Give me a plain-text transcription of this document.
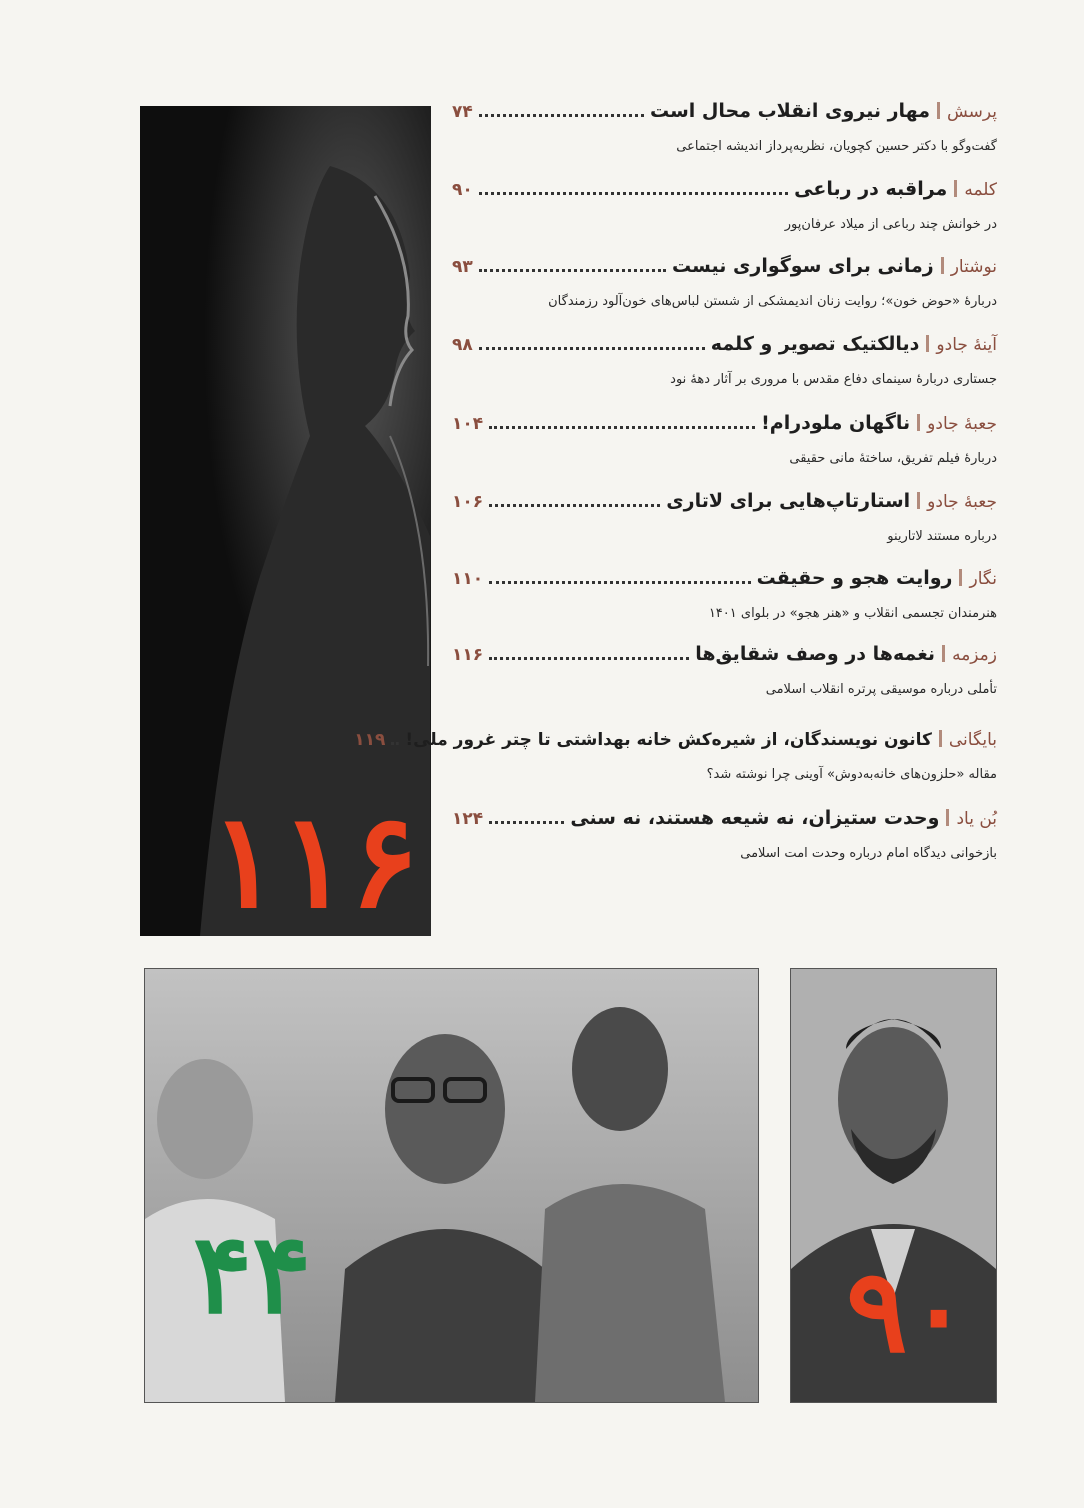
۱۱۶
پرسش
مهار نیروی انقلاب محال است
۷۴
گفت‌وگو با دکتر حسین کچویان، نظریه‌پرداز اندیشه اجتماعی
کلمه
مراقبه در رباعی
۹۰
در خوانش چند رباعی از میلاد عرفان‌پور
نوشتار
زمانی برای سوگواری نیست
۹۳
دربارهٔ «حوض خون»؛ روایت زنان اندیمشکی از شستن لباس‌های خون‌آلود رزمندگان
آینهٔ جادو
دیالکتیک تصویر و کلمه
۹۸
جستاری دربارهٔ سینمای دفاع مقدس با مروری بر آثار دههٔ نود
جعبهٔ جادو
ناگهان ملودرام!
۱۰۴
دربارهٔ فیلم تفریق، ساختهٔ مانی حقیقی
جعبهٔ جادو
استارتاپ‌هایی برای لاتاری
۱۰۶
درباره مستند لاتارینو
نگار
روایت هجو و حقیقت
۱۱۰
هنرمندان تجسمی انقلاب و «هنر هجو» در بلوای ۱۴۰۱
زمزمه
نغمه‌ها در وصف شقایق‌ها
۱۱۶
تأملی درباره موسیقی پرتره انقلاب اسلامی
بایگانی
کانون نویسندگان، از شیره‌کش خانه بهداشتی تا چتر غرور ملی!
۱۱۹
مقاله «حلزون‌های خانه‌به‌دوش» آوینی چرا نوشته شد؟
بُن یاد
وحدت ستیزان، نه شیعه هستند، نه سنی
۱۲۴
بازخوانی دیدگاه امام درباره وحدت امت اسلامی
۴۴	۹۰
